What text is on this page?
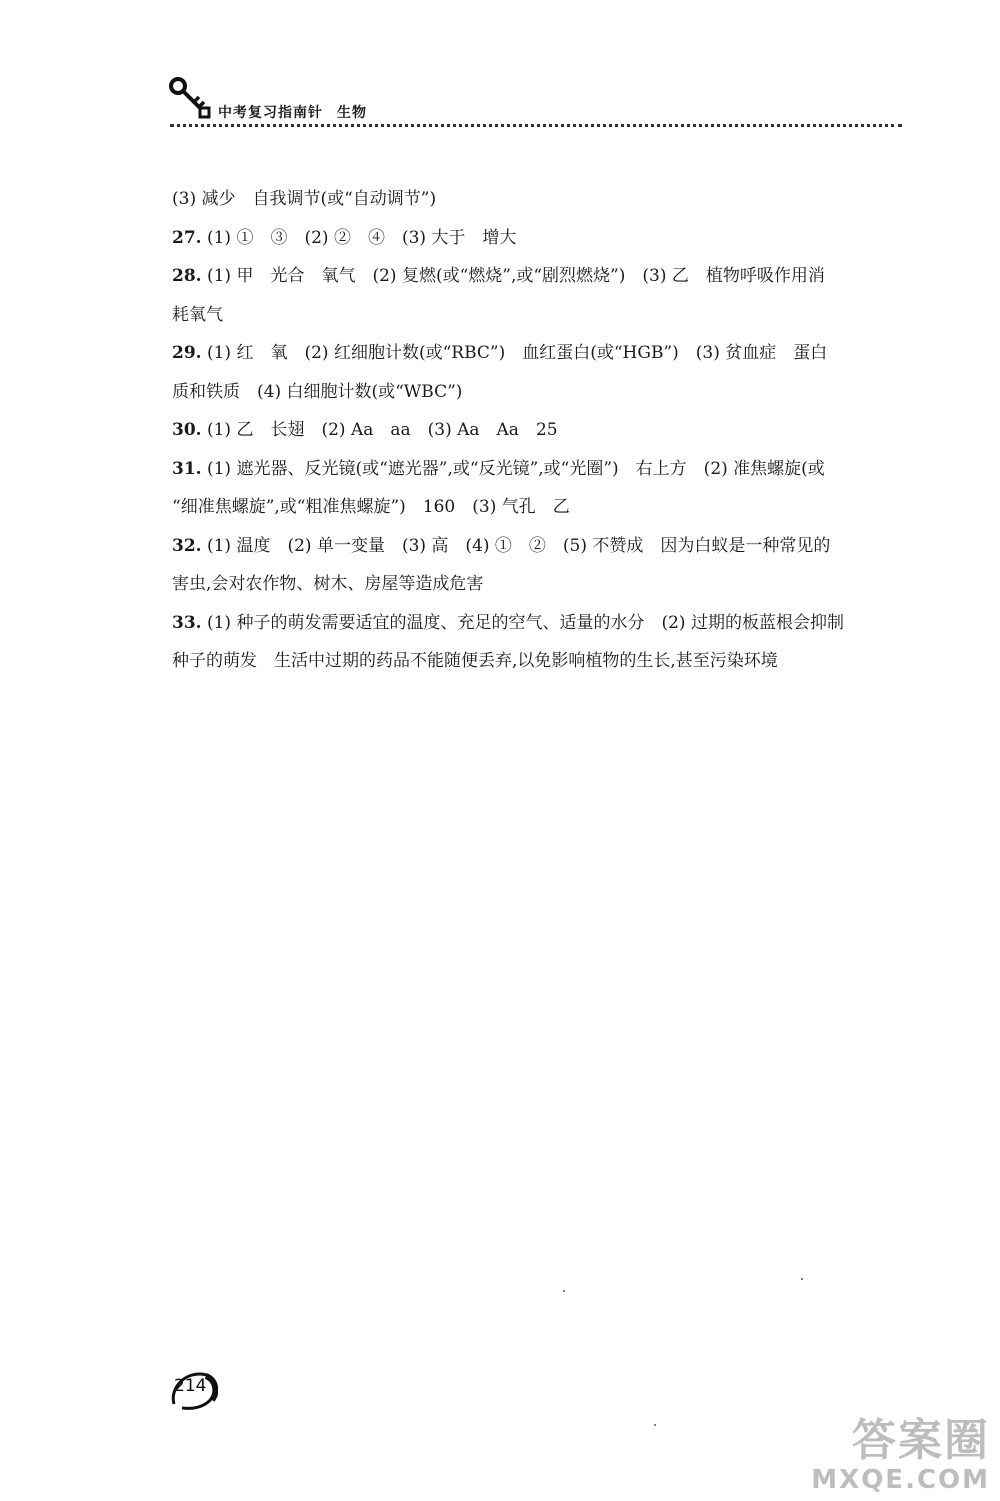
中考复习指南针 生物
(3) 减少　自我调节(或“自动调节”)
27. (1) ①　③　(2) ②　④　(3) 大于　增大
28. (1) 甲　光合　氧气　(2) 复燃(或“燃烧”,或“剧烈燃烧”)　(3) 乙　植物呼吸作用消
耗氧气
29. (1) 红　氧　(2) 红细胞计数(或“RBC”)　血红蛋白(或“HGB”)　(3) 贫血症　蛋白
质和铁质　(4) 白细胞计数(或“WBC”)
30. (1) 乙　长翅　(2) Aa　aa　(3) Aa　Aa　25
31. (1) 遮光器、反光镜(或“遮光器”,或“反光镜”,或“光圈”)　右上方　(2) 准焦螺旋(或
“细准焦螺旋”,或“粗准焦螺旋”)　160　(3) 气孔　乙
32. (1) 温度　(2) 单一变量　(3) 高　(4) ①　②　(5) 不赞成　因为白蚁是一种常见的
害虫,会对农作物、树木、房屋等造成危害
33. (1) 种子的萌发需要适宜的温度、充足的空气、适量的水分　(2) 过期的板蓝根会抑制
种子的萌发　生活中过期的药品不能随便丢弃,以免影响植物的生长,甚至污染环境
214
答案圈
MXQE.COM
